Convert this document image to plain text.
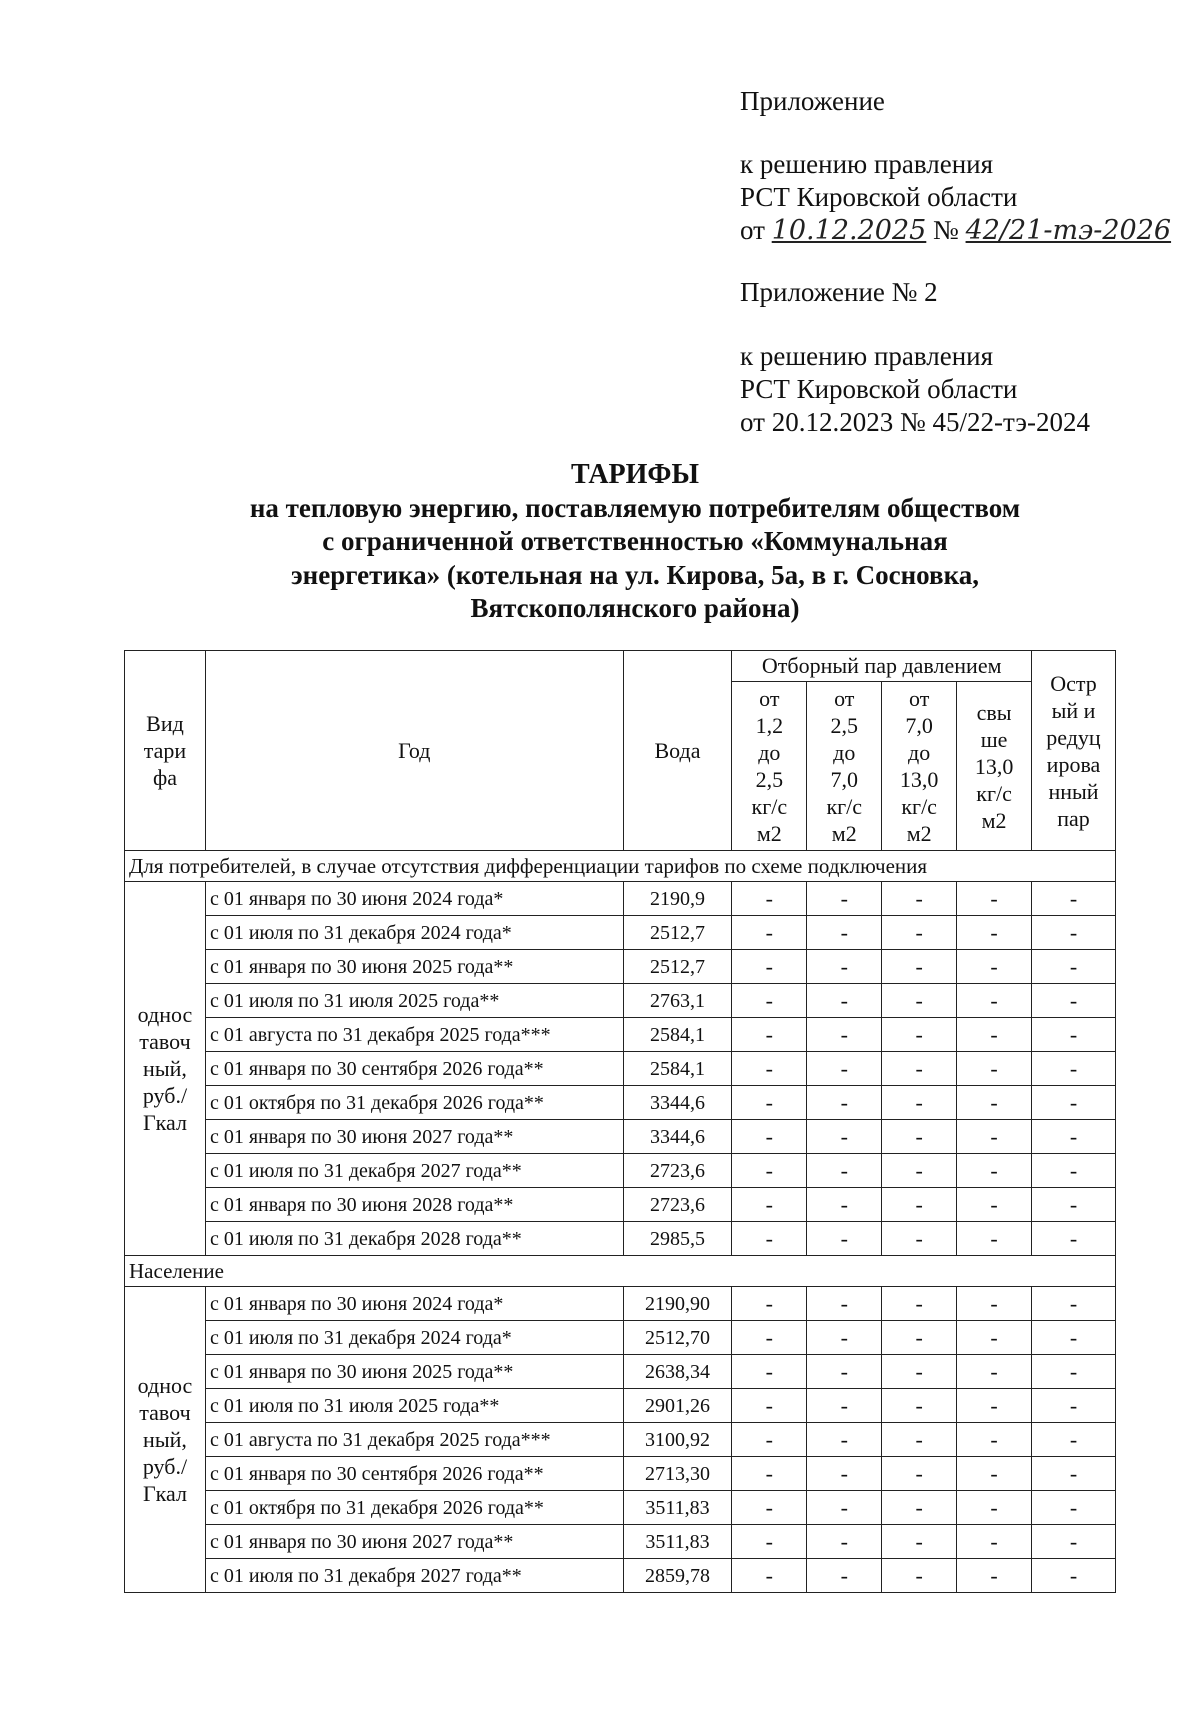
Приложение
к решению правления
РСТ Кировской области
от 10.12.2025 № 42/21-тэ-2026
Приложение № 2
к решению правления
РСТ Кировской области
от 20.12.2023 № 45/22-тэ-2024
ТАРИФЫ
на тепловую энергию, поставляемую потребителям обществом
с ограниченной ответственностью «Коммунальная
энергетика» (котельная на ул. Кирова, 5а, в г. Сосновка,
Вятскополянского района)
Вид тари фа	Год	Вода	Отборный пар давлением				Остр ый и редуц ирова нный пар

			от 1,2 до 2,5 кг/с м2	от 2,5 до 7,0 кг/с м2	от 7,0 до 13,0 кг/с м2	свы ше 13,0 кг/с м2	

Для потребителей, в случае отсутствия дифференциации тарифов по схеме подключения							

однос тавоч ный, руб./ Гкал	с 01 января по 30 июня 2024 года*	2190,9	-	-	-	-	-
	с 01 июля по 31 декабря 2024 года*	2512,7	-	-	-	-	-
	с 01 января по 30 июня 2025 года**	2512,7	-	-	-	-	-
	с 01 июля по 31 июля 2025 года**	2763,1	-	-	-	-	-
	с 01 августа по 31 декабря 2025 года***	2584,1	-	-	-	-	-
	с 01 января по 30 сентября 2026 года**	2584,1	-	-	-	-	-
	с 01 октября по 31 декабря 2026 года**	3344,6	-	-	-	-	-
	с 01 января по 30 июня 2027 года**	3344,6	-	-	-	-	-
	с 01 июля по 31 декабря 2027 года**	2723,6	-	-	-	-	-
	с 01 января по 30 июня 2028 года**	2723,6	-	-	-	-	-
	с 01 июля по 31 декабря 2028 года**	2985,5	-	-	-	-	-
Население							

однос тавоч ный, руб./ Гкал	с 01 января по 30 июня 2024 года*	2190,90	-	-	-	-	-
	с 01 июля по 31 декабря 2024 года*	2512,70	-	-	-	-	-
	с 01 января по 30 июня 2025 года**	2638,34	-	-	-	-	-
	с 01 июля по 31 июля 2025 года**	2901,26	-	-	-	-	-
	с 01 августа по 31 декабря 2025 года***	3100,92	-	-	-	-	-
	с 01 января по 30 сентября 2026 года**	2713,30	-	-	-	-	-
	с 01 октября по 31 декабря 2026 года**	3511,83	-	-	-	-	-
	с 01 января по 30 июня 2027 года**	3511,83	-	-	-	-	-
	с 01 июля по 31 декабря 2027 года**	2859,78	-	-	-	-	-
